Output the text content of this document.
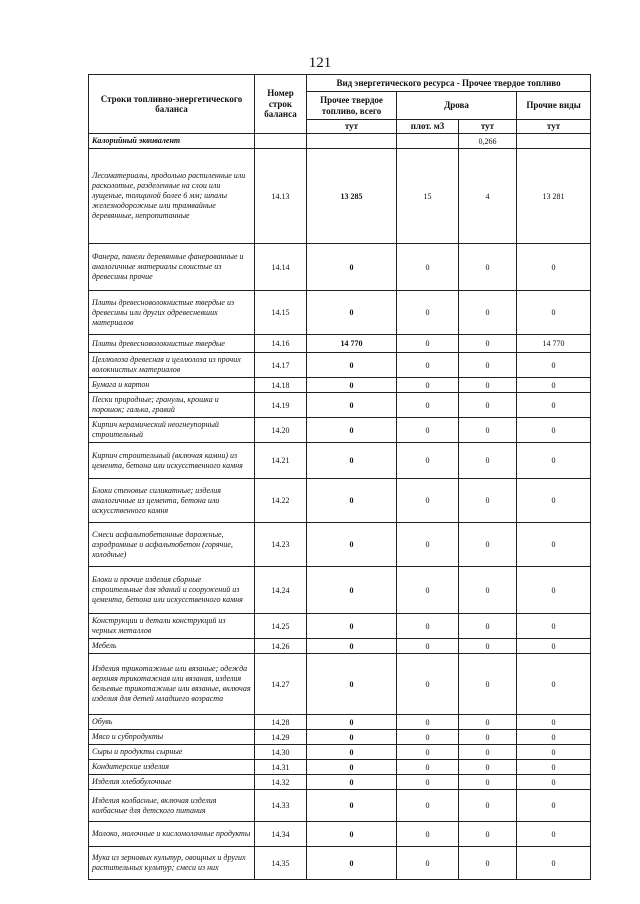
121
Строки топливно-энергетического баланса	Номер строк баланса	Вид энергетического ресурса - Прочее твердое топливо			
		Прочее твердое топливо, всего	Дрова		Прочие виды
		тут	плот. м3	тут	тут
Калорийный эквивалент				0,266	
Лесоматериалы, продольно распиленные или расколотые, разделенные на слои или лущеные, толщиной более 6 мм; шпалы железнодорожные или трамвайные деревянные, непропитанные	14.13	13 285	15	4	13 281
Фанера, панели деревянные фанерованные и аналогичные материалы слоистые из древесины прочие	14.14	0	0	0	0
Плиты древесноволокнистые твердые из древесины или других одревесневших материалов	14.15	0	0	0	0
Плиты древесноволокнистые твердые	14.16	14 770	0	0	14 770
Целлюлоза древесная и целлюлоза из прочих волокнистых материалов	14.17	0	0	0	0
Бумага и картон	14.18	0	0	0	0
Пески природные; гранулы, крошка и порошок; галька, гравий	14.19	0	0	0	0
Кирпич керамический неогнеупорный строительный	14.20	0	0	0	0
Кирпич строительный (включая камни) из цемента, бетона или искусственного камня	14.21	0	0	0	0
Блоки стеновые силикатные; изделия аналогичные из цемента, бетона или искусственного камня	14.22	0	0	0	0
Смеси асфальтобетонные дорожные, аэродромные и асфальтобетон (горячие, холодные)	14.23	0	0	0	0
Блоки и прочие изделия сборные строительные для зданий и сооружений из цемента, бетона или искусственного камня	14.24	0	0	0	0
Конструкции и детали конструкций из черных металлов	14.25	0	0	0	0
Мебель	14.26	0	0	0	0
Изделия трикотажные или вязаные; одежда верхняя трикотажная или вязаная, изделия бельевые трикотажные или вязаные, включая изделия для детей младшего возраста	14.27	0	0	0	0
Обувь	14.28	0	0	0	0
Мясо и субпродукты	14.29	0	0	0	0
Сыры и продукты сырные	14.30	0	0	0	0
Кондитерские изделия	14.31	0	0	0	0
Изделия хлебобулочные	14.32	0	0	0	0
Изделия колбасные, включая изделия колбасные для детского питания	14.33	0	0	0	0
Молоко, молочные и кисломолочные продукты	14.34	0	0	0	0
Мука из зерновых культур, овощных и других растительных культур; смеси из них	14.35	0	0	0	0
